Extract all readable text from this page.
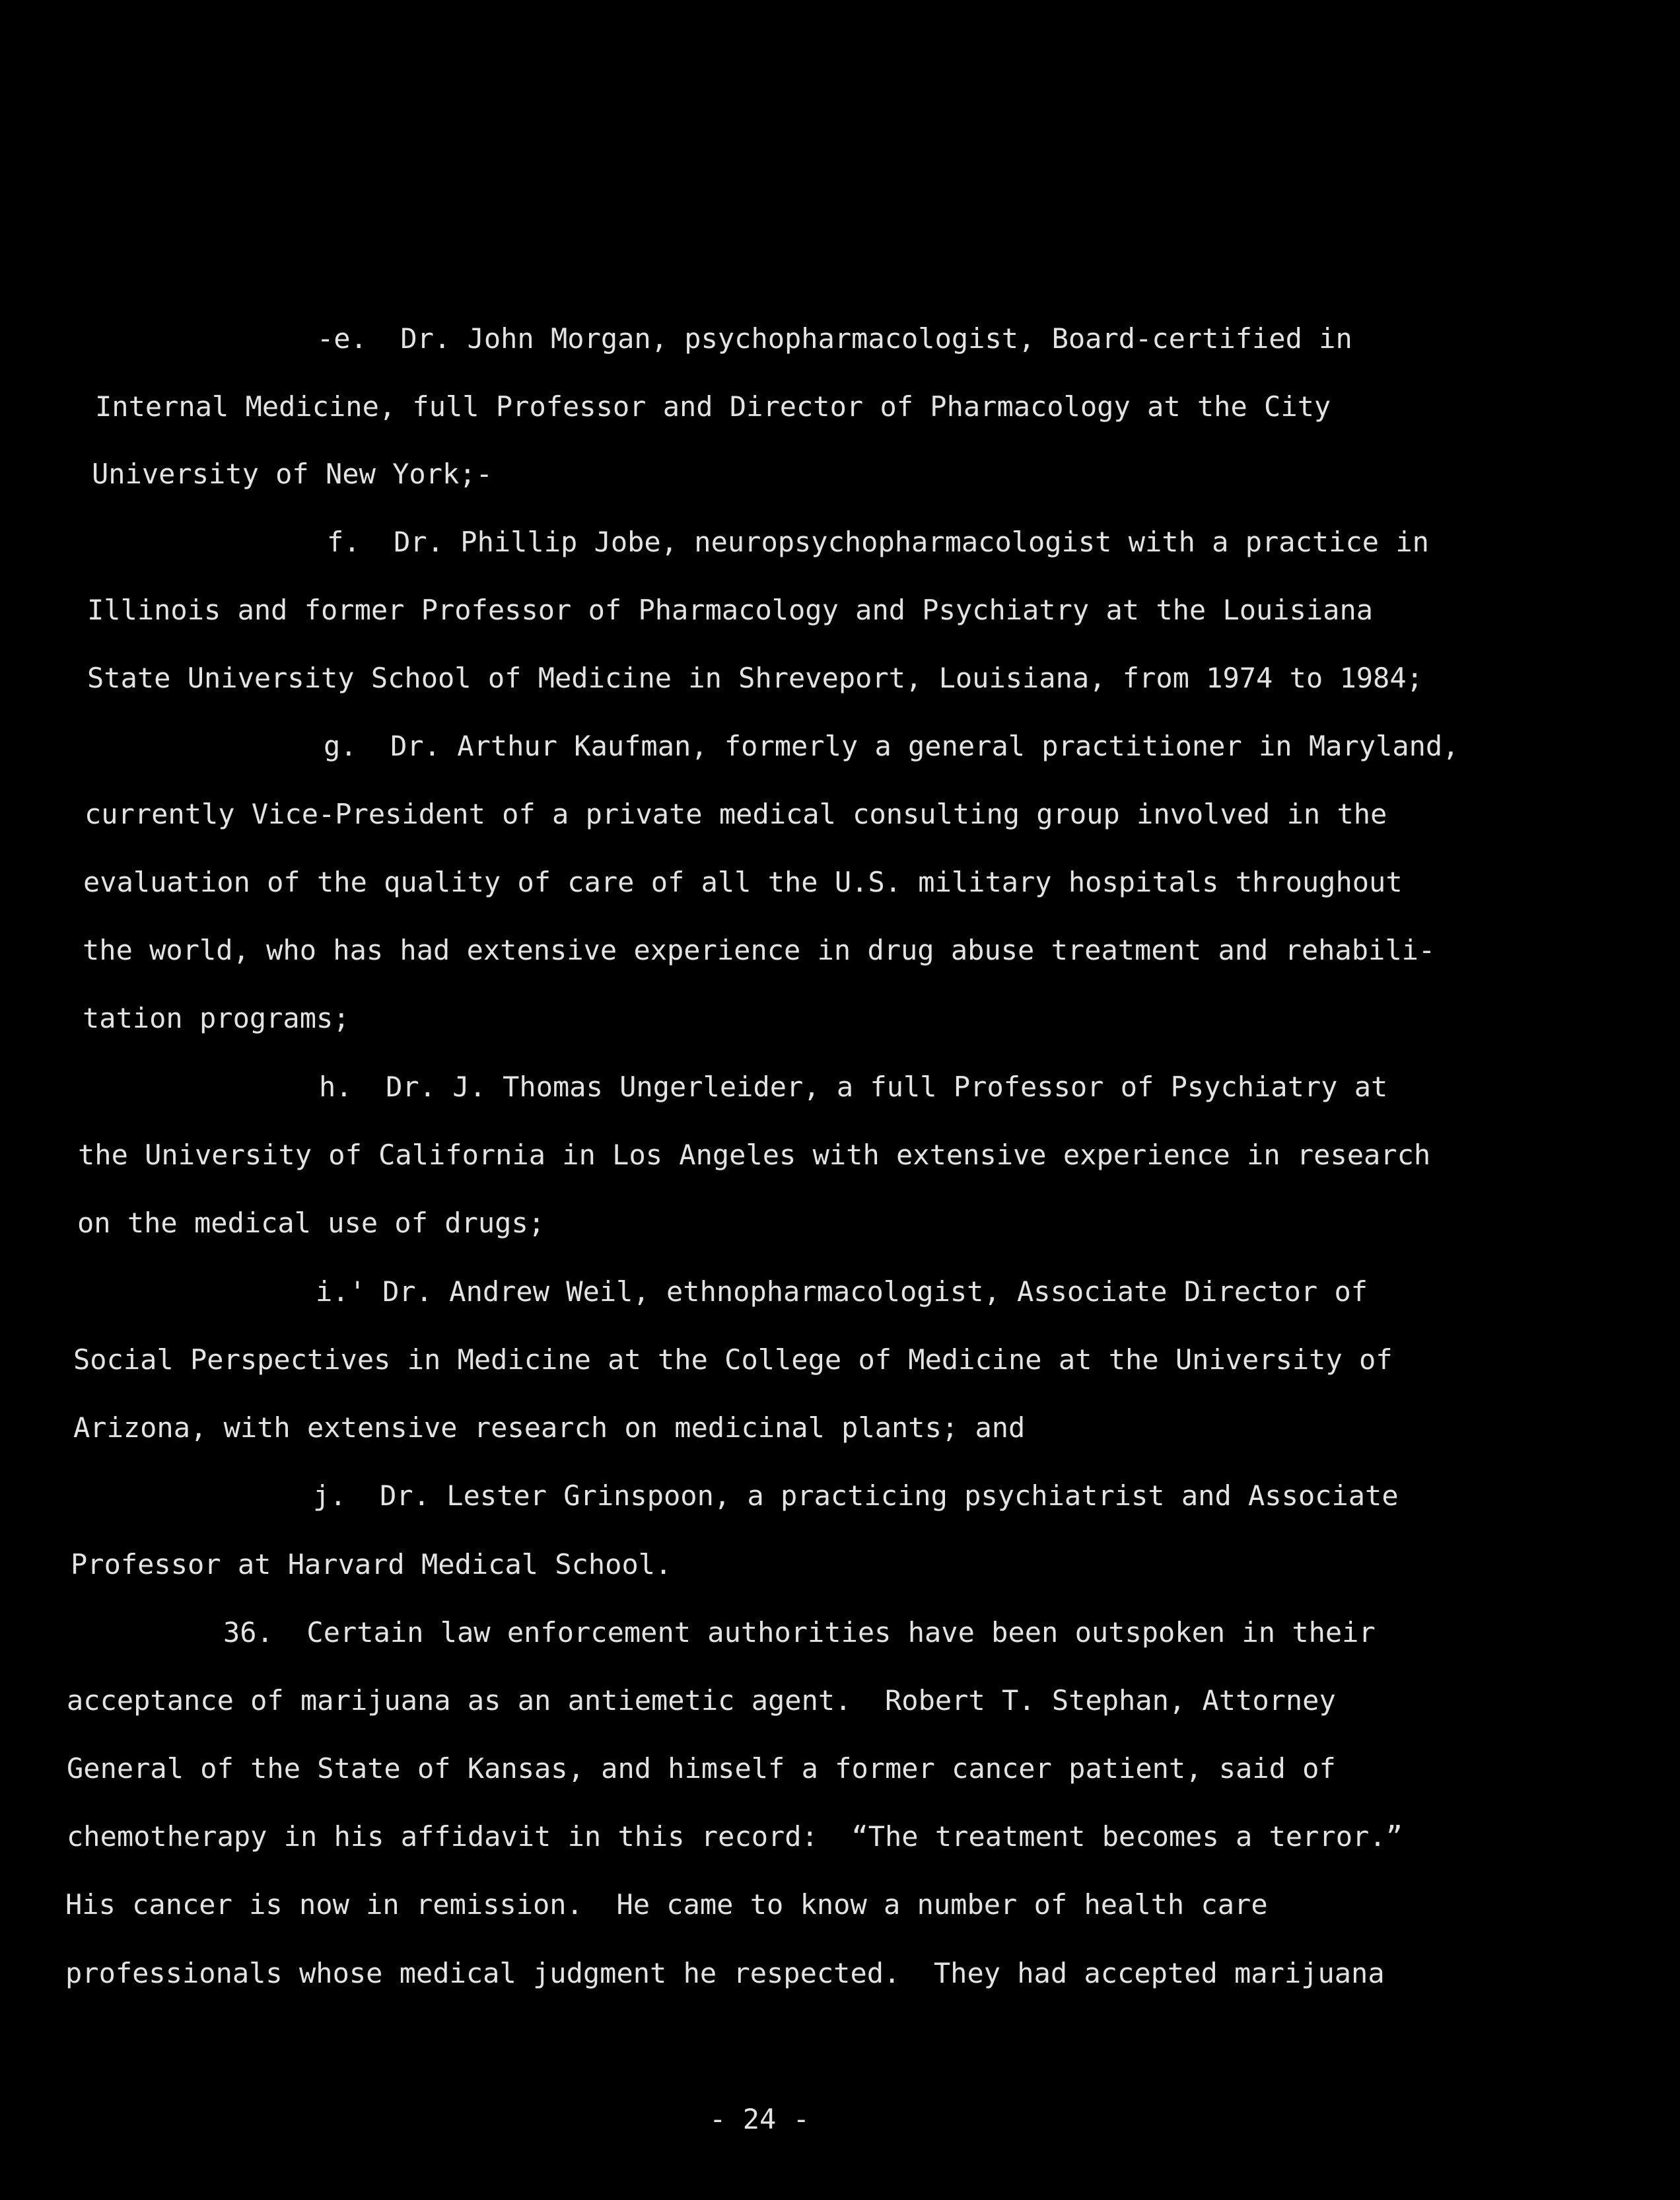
-e.  Dr. John Morgan, psychopharmacologist, Board-certified in

Internal Medicine, full Professor and Director of Pharmacology at the City

University of New York;-

f.  Dr. Phillip Jobe, neuropsychopharmacologist with a practice in

Illinois and former Professor of Pharmacology and Psychiatry at the Louisiana

State University School of Medicine in Shreveport, Louisiana, from 1974 to 1984;

g.  Dr. Arthur Kaufman, formerly a general practitioner in Maryland,

currently Vice-President of a private medical consulting group involved in the

evaluation of the quality of care of all the U.S. military hospitals throughout

the world, who has had extensive experience in drug abuse treatment and rehabili-

tation programs;

h.  Dr. J. Thomas Ungerleider, a full Professor of Psychiatry at

the University of California in Los Angeles with extensive experience in research

on the medical use of drugs;

i.' Dr. Andrew Weil, ethnopharmacologist, Associate Director of

Social Perspectives in Medicine at the College of Medicine at the University of

Arizona, with extensive research on medicinal plants; and

j.  Dr. Lester Grinspoon, a practicing psychiatrist and Associate

Professor at Harvard Medical School.

36.  Certain law enforcement authorities have been outspoken in their

acceptance of marijuana as an antiemetic agent.  Robert T. Stephan, Attorney

General of the State of Kansas, and himself a former cancer patient, said of

chemotherapy in his affidavit in this record:  “The treatment becomes a terror.”

His cancer is now in remission.  He came to know a number of health care

professionals whose medical judgment he respected.  They had accepted marijuana

- 24 -
